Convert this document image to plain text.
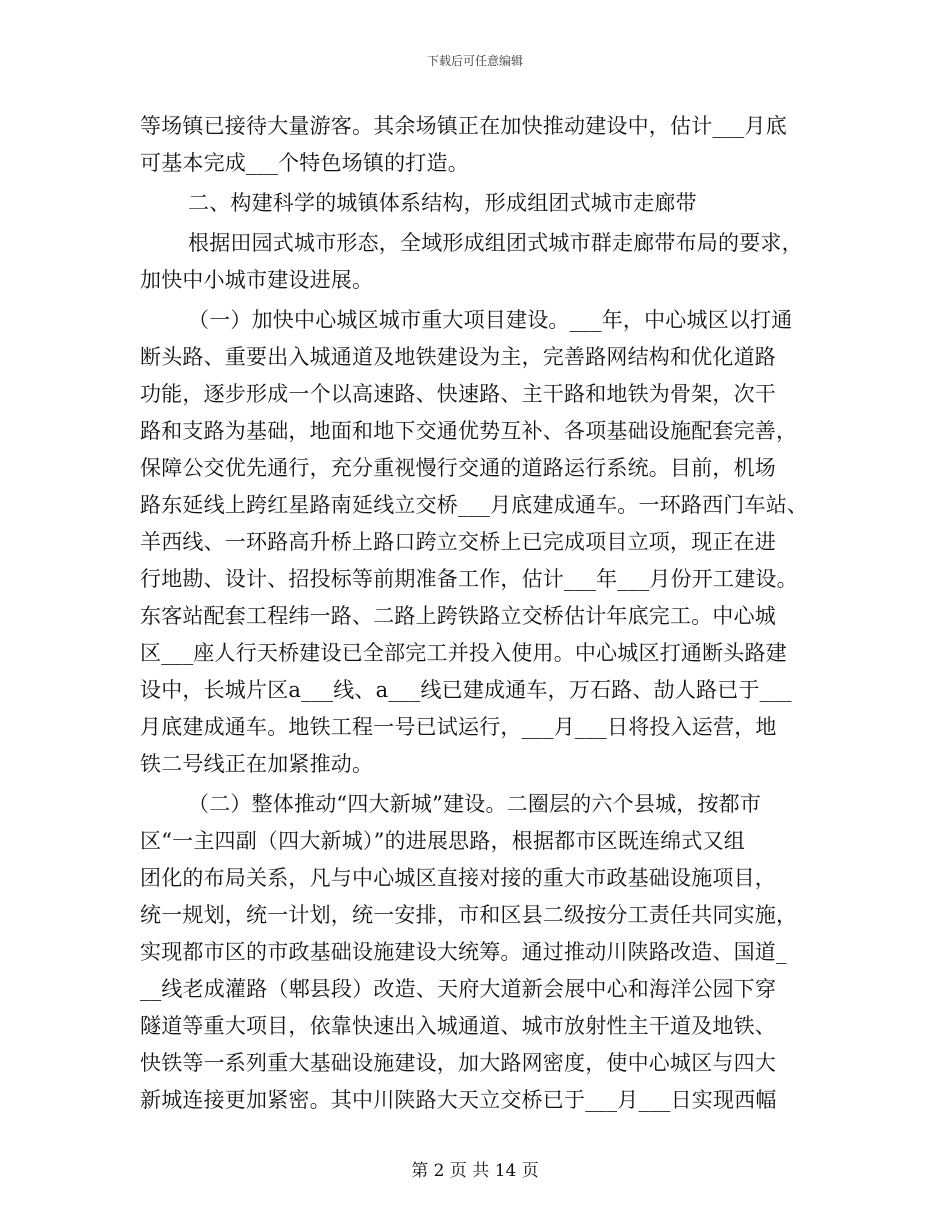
下载后可任意编辑
等场镇已接待大量游客。其余场镇正在加快推动建设中，估计___月底
可基本完成___个特色场镇的打造。
二、构建科学的城镇体系结构，形成组团式城市走廊带
根据田园式城市形态，全域形成组团式城市群走廊带布局的要求，
加快中小城市建设进展。
（一）加快中心城区城市重大项目建设。___年，中心城区以打通
断头路、重要出入城通道及地铁建设为主，完善路网结构和优化道路
功能，逐步形成一个以高速路、快速路、主干路和地铁为骨架，次干
路和支路为基础，地面和地下交通优势互补、各项基础设施配套完善，
保障公交优先通行，充分重视慢行交通的道路运行系统。目前，机场
路东延线上跨红星路南延线立交桥___月底建成通车。一环路西门车站、
羊西线、一环路高升桥上路口跨立交桥上已完成项目立项，现正在进
行地勘、设计、招投标等前期准备工作，估计___年___月份开工建设。
东客站配套工程纬一路、二路上跨铁路立交桥估计年底完工。中心城
区___座人行天桥建设已全部完工并投入使用。中心城区打通断头路建
设中，长城片区a___线、a___线已建成通车，万石路、劼人路已于___
月底建成通车。地铁工程一号已试运行，___月___日将投入运营，地
铁二号线正在加紧推动。
（二）整体推动“四大新城”建设。二圈层的六个县城，按都市
区“一主四副（四大新城）”的进展思路，根据都市区既连绵式又组
团化的布局关系，凡与中心城区直接对接的重大市政基础设施项目，
统一规划，统一计划，统一安排，市和区县二级按分工责任共同实施，
实现都市区的市政基础设施建设大统筹。通过推动川陕路改造、国道_
__线老成灌路（郫县段）改造、天府大道新会展中心和海洋公园下穿
隧道等重大项目，依靠快速出入城通道、城市放射性主干道及地铁、
快铁等一系列重大基础设施建设，加大路网密度，使中心城区与四大
新城连接更加紧密。其中川陕路大天立交桥已于___月___日实现西幅
第 2 页 共 14 页
